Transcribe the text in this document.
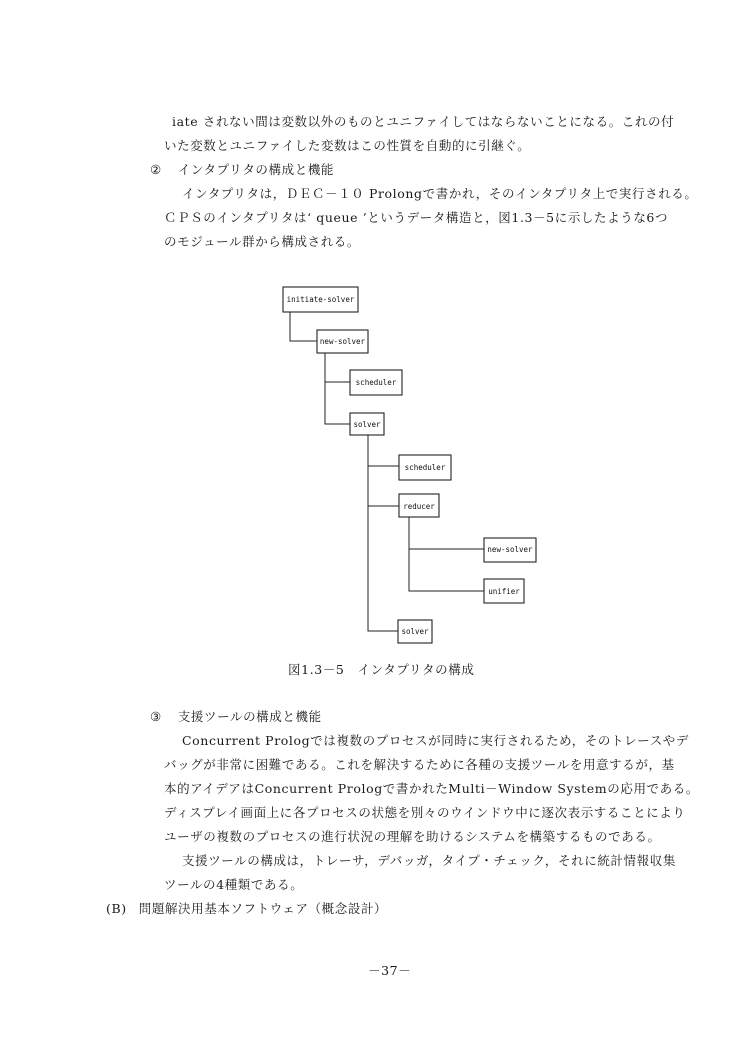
iate されない間は変数以外のものとユニファイしてはならないことになる。これの付
いた変数とユニファイした変数はこの性質を自動的に引継ぐ。
② インタプリタの構成と機能
インタプリタは，ＤＥＣ－１０ Prolongで書かれ，そのインタプリタ上で実行される。
ＣＰＳのインタプリタは‘ queue ’というデータ構造と，図1.3－5に示したような6つ
のモジュール群から構成される。
initiate-solver
new-solver
scheduler
solver
scheduler
reducer
new-solver
unifier
solver
図1.3－5　インタプリタの構成
③ 支援ツールの構成と機能
Concurrent Prologでは複数のプロセスが同時に実行されるため，そのトレースやデ
バッグが非常に困難である。これを解決するために各種の支援ツールを用意するが，基
本的アイデアはConcurrent Prologで書かれたMulti－Window Systemの応用である。
ディスプレイ画面上に各プロセスの状態を別々のウインドウ中に逐次表示することにより
ユーザの複数のプロセスの進行状況の理解を助けるシステムを構築するものである。
支援ツールの構成は，トレーサ，デバッガ，タイプ・チェック，それに統計情報収集
ツールの4種類である。
(B) 問題解決用基本ソフトウェア（概念設計）
－37－
